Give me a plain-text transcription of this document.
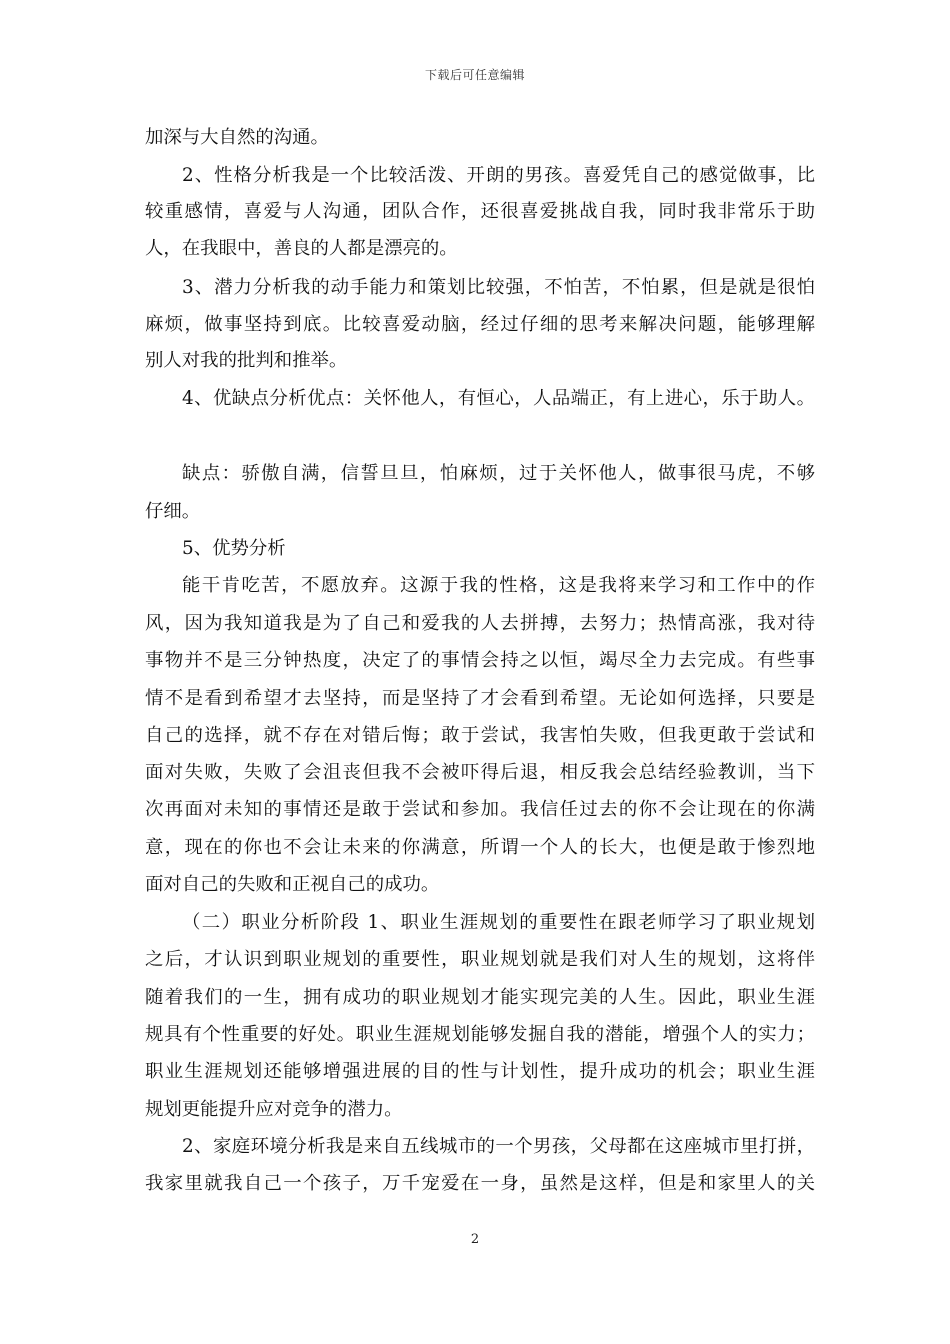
下载后可任意编辑
加深与大自然的沟通。
2、性格分析我是一个比较活泼、开朗的男孩。喜爱凭自己的感觉做事，比
较重感情，喜爱与人沟通，团队合作，还很喜爱挑战自我，同时我非常乐于助
人，在我眼中，善良的人都是漂亮的。
3、潜力分析我的动手能力和策划比较强，不怕苦，不怕累，但是就是很怕
麻烦，做事坚持到底。比较喜爱动脑，经过仔细的思考来解决问题，能够理解
别人对我的批判和推举。
4、优缺点分析优点：关怀他人，有恒心，人品端正，有上进心，乐于助人。
缺点：骄傲自满，信誓旦旦，怕麻烦，过于关怀他人，做事很马虎，不够
仔细。
5、优势分析
能干肯吃苦，不愿放弃。这源于我的性格，这是我将来学习和工作中的作
风，因为我知道我是为了自己和爱我的人去拼搏，去努力；热情高涨，我对待
事物并不是三分钟热度，决定了的事情会持之以恒，竭尽全力去完成。有些事
情不是看到希望才去坚持，而是坚持了才会看到希望。无论如何选择，只要是
自己的选择，就不存在对错后悔；敢于尝试，我害怕失败，但我更敢于尝试和
面对失败，失败了会沮丧但我不会被吓得后退，相反我会总结经验教训，当下
次再面对未知的事情还是敢于尝试和参加。我信任过去的你不会让现在的你满
意，现在的你也不会让未来的你满意，所谓一个人的长大，也便是敢于惨烈地
面对自己的失败和正视自己的成功。
（二）职业分析阶段 1、职业生涯规划的重要性在跟老师学习了职业规划
之后，才认识到职业规划的重要性，职业规划就是我们对人生的规划，这将伴
随着我们的一生，拥有成功的职业规划才能实现完美的人生。因此，职业生涯
规具有个性重要的好处。职业生涯规划能够发掘自我的潜能，增强个人的实力；
职业生涯规划还能够增强进展的目的性与计划性，提升成功的机会；职业生涯
规划更能提升应对竞争的潜力。
2、家庭环境分析我是来自五线城市的一个男孩，父母都在这座城市里打拼，
我家里就我自己一个孩子，万千宠爱在一身，虽然是这样，但是和家里人的关
2
